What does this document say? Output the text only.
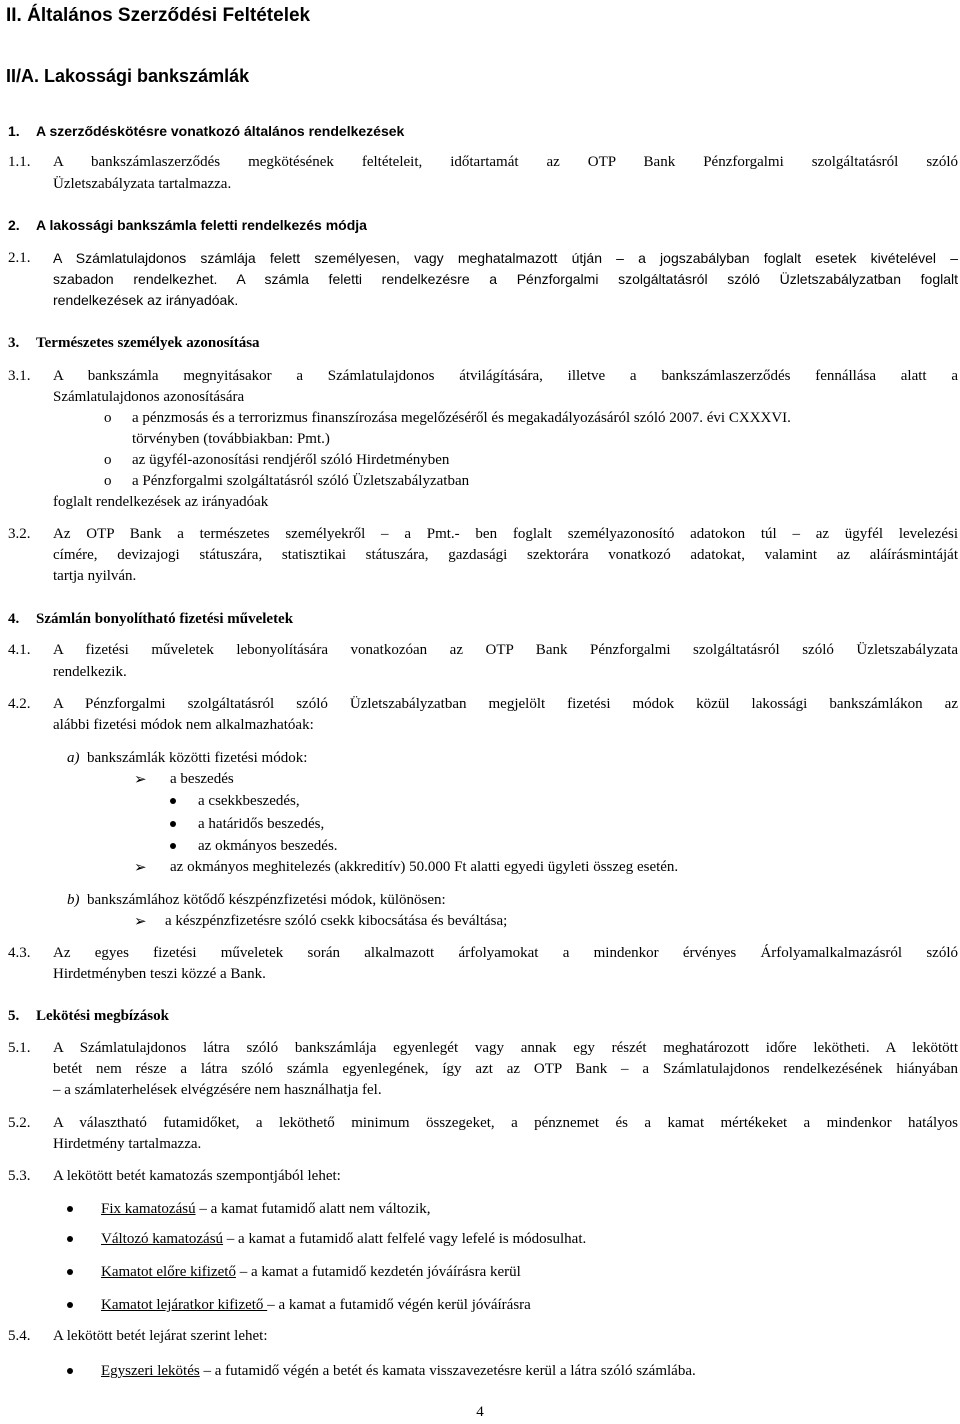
II. Általános Szerződési Feltételek
II/A. Lakossági bankszámlák
1. A szerződéskötésre vonatkozó általános rendelkezések
1.1. A bankszámlaszerződés megkötésének feltételeit, időtartamát az OTP Bank Pénzforgalmi szolgáltatásról szóló
Üzletszabályzata tartalmazza.
2. A lakossági bankszámla feletti rendelkezés módja
2.1. A Számlatulajdonos számlája felett személyesen, vagy meghatalmazott útján – a jogszabályban foglalt esetek kivételével –
szabadon rendelkezhet. A számla feletti rendelkezésre a Pénzforgalmi szolgáltatásról szóló Üzletszabályzatban foglalt
rendelkezések az irányadóak.
3. Természetes személyek azonosítása
3.1. A bankszámla megnyitásakor a Számlatulajdonos átvilágítására, illetve a bankszámlaszerződés fennállása alatt a
Számlatulajdonos azonosítására
o a pénzmosás és a terrorizmus finanszírozása megelőzéséről és megakadályozásáról szóló 2007. évi CXXXVI.
törvényben (továbbiakban: Pmt.)
o az ügyfél-azonosítási rendjéről szóló Hirdetményben
o a Pénzforgalmi szolgáltatásról szóló Üzletszabályzatban
foglalt rendelkezések az irányadóak
3.2. Az OTP Bank a természetes személyekről – a Pmt.- ben foglalt személyazonosító adatokon túl – az ügyfél levelezési
címére, devizajogi státuszára, statisztikai státuszára, gazdasági szektorára vonatkozó adatokat, valamint az aláírásmintáját
tartja nyilván.
4. Számlán bonyolítható fizetési műveletek
4.1. A fizetési műveletek lebonyolítására vonatkozóan az OTP Bank Pénzforgalmi szolgáltatásról szóló Üzletszabályzata
rendelkezik.
4.2. A Pénzforgalmi szolgáltatásról szóló Üzletszabályzatban megjelölt fizetési módok közül lakossági bankszámlákon az
alábbi fizetési módok nem alkalmazhatóak:
a) bankszámlák közötti fizetési módok:
➢ a beszedés
a csekkbeszedés,
a határidős beszedés,
az okmányos beszedés.
➢ az okmányos meghitelezés (akkreditív) 50.000 Ft alatti egyedi ügyleti összeg esetén.
b) bankszámlához kötődő készpénzfizetési módok, különösen:
➢ a készpénzfizetésre szóló csekk kibocsátása és beváltása;
4.3. Az egyes fizetési műveletek során alkalmazott árfolyamokat a mindenkor érvényes Árfolyamalkalmazásról szóló
Hirdetményben teszi közzé a Bank.
5. Lekötési megbízások
5.1. A Számlatulajdonos látra szóló bankszámlája egyenlegét vagy annak egy részét meghatározott időre lekötheti. A lekötött
betét nem része a látra szóló számla egyenlegének, így azt az OTP Bank – a Számlatulajdonos rendelkezésének hiányában
– a számlaterhelések elvégzésére nem használhatja fel.
5.2. A választható futamidőket, a leköthető minimum összegeket, a pénznemet és a kamat mértékeket a mindenkor hatályos
Hirdetmény tartalmazza.
5.3. A lekötött betét kamatozás szempontjából lehet:
Fix kamatozású – a kamat futamidő alatt nem változik,
Változó kamatozású – a kamat a futamidő alatt felfelé vagy lefelé is módosulhat.
Kamatot előre kifizető – a kamat a futamidő kezdetén jóváírásra kerül
Kamatot lejáratkor kifizető – a kamat a futamidő végén kerül jóváírásra
5.4. A lekötött betét lejárat szerint lehet:
Egyszeri lekötés – a futamidő végén a betét és kamata visszavezetésre kerül a látra szóló számlába.
4
